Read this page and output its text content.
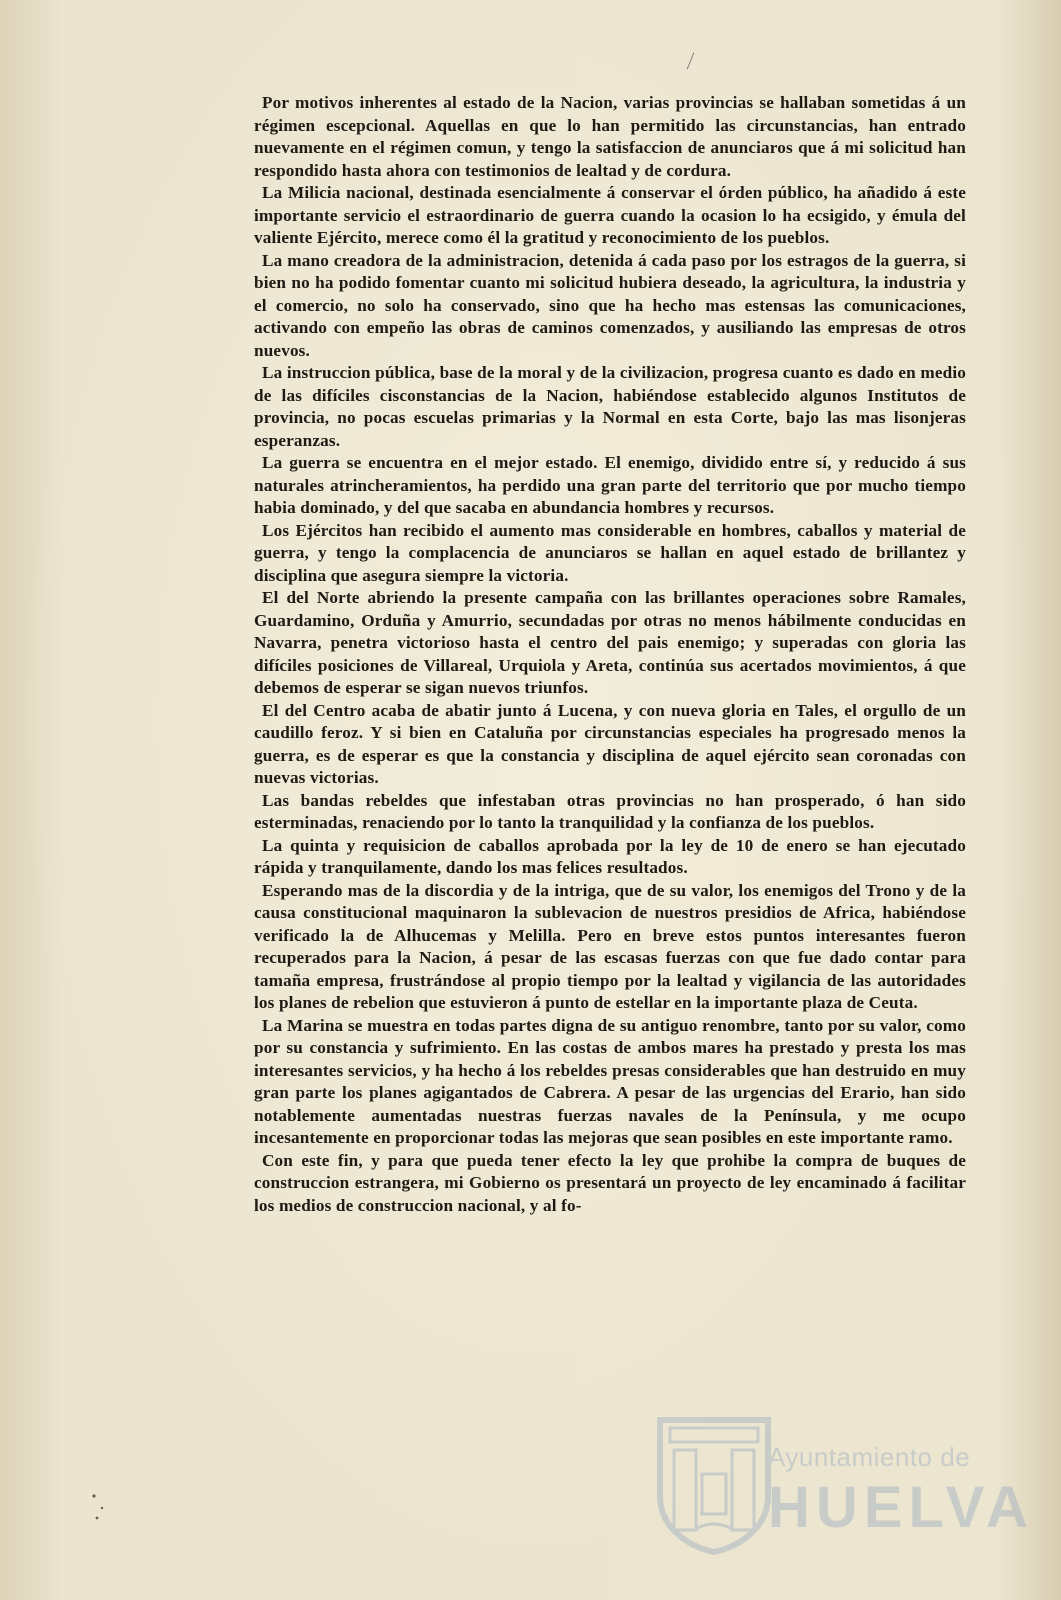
Por motivos inherentes al estado de la Nacion, varias provincias se hallaban sometidas á un régimen escepcional. Aquellas en que lo han permitido las circunstancias, han entrado nuevamente en el régimen comun, y tengo la satisfaccion de anunciaros que á mi solicitud han respondido hasta ahora con testimonios de lealtad y de cordura.

La Milicia nacional, destinada esencialmente á conservar el órden público, ha añadido á este importante servicio el estraordinario de guerra cuando la ocasion lo ha ecsigido, y émula del valiente Ejército, merece como él la gratitud y reconocimiento de los pueblos.

La mano creadora de la administracion, detenida á cada paso por los estragos de la guerra, si bien no ha podido fomentar cuanto mi solicitud hubiera deseado, la agricultura, la industria y el comercio, no solo ha conservado, sino que ha hecho mas estensas las comunicaciones, activando con empeño las obras de caminos comenzados, y ausiliando las empresas de otros nuevos.

La instruccion pública, base de la moral y de la civilizacion, progresa cuanto es dado en medio de las difíciles cisconstancias de la Nacion, habiéndose establecido algunos Institutos de provincia, no pocas escuelas primarias y la Normal en esta Corte, bajo las mas lisonjeras esperanzas.

La guerra se encuentra en el mejor estado. El enemigo, dividido entre sí, y reducido á sus naturales atrincheramientos, ha perdido una gran parte del territorio que por mucho tiempo habia dominado, y del que sacaba en abundancia hombres y recursos.

Los Ejércitos han recibido el aumento mas considerable en hombres, caballos y material de guerra, y tengo la complacencia de anunciaros se hallan en aquel estado de brillantez y disciplina que asegura siempre la victoria.

El del Norte abriendo la presente campaña con las brillantes operaciones sobre Ramales, Guardamino, Orduña y Amurrio, secundadas por otras no menos hábilmente conducidas en Navarra, penetra victorioso hasta el centro del pais enemigo; y superadas con gloria las difíciles posiciones de Villareal, Urquiola y Areta, continúa sus acertados movimientos, á que debemos de esperar se sigan nuevos triunfos.

El del Centro acaba de abatir junto á Lucena, y con nueva gloria en Tales, el orgullo de un caudillo feroz. Y si bien en Cataluña por circunstancias especiales ha progresado menos la guerra, es de esperar es que la constancia y disciplina de aquel ejército sean coronadas con nuevas victorias.

Las bandas rebeldes que infestaban otras provincias no han prosperado, ó han sido esterminadas, renaciendo por lo tanto la tranquilidad y la confianza de los pueblos.

La quinta y requisicion de caballos aprobada por la ley de 10 de enero se han ejecutado rápida y tranquilamente, dando los mas felices resultados.

Esperando mas de la discordia y de la intriga, que de su valor, los enemigos del Trono y de la causa constitucional maquinaron la sublevacion de nuestros presidios de Africa, habiéndose verificado la de Alhucemas y Melilla. Pero en breve estos puntos interesantes fueron recuperados para la Nacion, á pesar de las escasas fuerzas con que fue dado contar para tamaña empresa, frustrándose al propio tiempo por la lealtad y vigilancia de las autoridades los planes de rebelion que estuvieron á punto de estellar en la importante plaza de Ceuta.

La Marina se muestra en todas partes digna de su antiguo renombre, tanto por su valor, como por su constancia y sufrimiento. En las costas de ambos mares ha prestado y presta los mas interesantes servicios, y ha hecho á los rebeldes presas considerables que han destruido en muy gran parte los planes agigantados de Cabrera. A pesar de las urgencias del Erario, han sido notablemente aumentadas nuestras fuerzas navales de la Península, y me ocupo incesantemente en proporcionar todas las mejoras que sean posibles en este importante ramo.

Con este fin, y para que pueda tener efecto la ley que prohibe la compra de buques de construccion estrangera, mi Gobierno os presentará un proyecto de ley encaminado á facilitar los medios de construccion nacional, y al fo-

Ayuntamiento de
HUELVA
